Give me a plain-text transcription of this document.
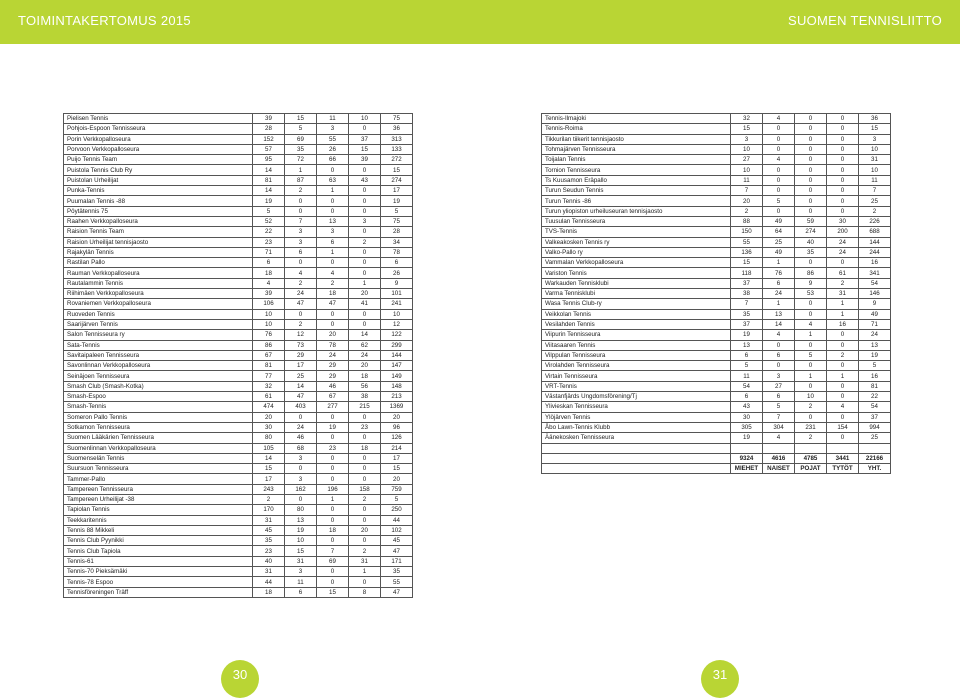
TOIMINTAKERTOMUS 2015	SUOMEN TENNISLIITTO
Pielisen Tennis	39	15	11	10	75
Pohjois-Espoon Tennisseura	28	5	3	0	36
Porin Verkkopalloseura	152	69	55	37	313
Porvoon Verkkopalloseura	57	35	26	15	133
Puijo Tennis Team	95	72	66	39	272
Puistola Tennis Club Ry	14	1	0	0	15
Puistolan Urheilijat	81	87	63	43	274
Punka-Tennis	14	2	1	0	17
Puumalan Tennis -88	19	0	0	0	19
Pöytätennis 75	5	0	0	0	5
Raahen Verkkopalloseura	52	7	13	3	75
Raision Tennis Team	22	3	3	0	28
Raision Urheilijat tennisjaosto	23	3	6	2	34
Rajakylän Tennis	71	6	1	0	78
Rastilan Pallo	6	0	0	0	6
Rauman Verkkopalloseura	18	4	4	0	26
Rautalammin Tennis	4	2	2	1	9
Riihimäen Verkkopalloseura	39	24	18	20	101
Rovaniemen Verkkopalloseura	106	47	47	41	241
Ruoveden Tennis	10	0	0	0	10
Saarijärven Tennis	10	2	0	0	12
Salon Tennisseura ry	76	12	20	14	122
Sata-Tennis	86	73	78	62	299
Savitaipaleen Tennisseura	67	29	24	24	144
Savonlinnan Verkkopalloseura	81	17	29	20	147
Seinäjoen Tennisseura	77	25	29	18	149
Smash Club (Smash-Kotka)	32	14	46	56	148
Smash-Espoo	61	47	67	38	213
Smash-Tennis	474	403	277	215	1369
Someron Pallo Tennis	20	0	0	0	20
Sotkamon Tennisseura	30	24	19	23	96
Suomen Lääkärien Tennisseura	80	46	0	0	126
Suomenlinnan Verkkopalloseura	105	68	23	18	214
Suomenselän Tennis	14	3	0	0	17
Suursuon Tennisseura	15	0	0	0	15
Tammer-Pallo	17	3	0	0	20
Tampereen Tennisseura	243	162	196	158	759
Tampereen Urheilijat -38	2	0	1	2	5
Tapiolan Tennis	170	80	0	0	250
Teekkaritennis	31	13	0	0	44
Tennis 88 Mikkeli	45	19	18	20	102
Tennis Club Pyynikki	35	10	0	0	45
Tennis Club Tapiola	23	15	7	2	47
Tennis-61	40	31	69	31	171
Tennis-70 Pieksämäki	31	3	0	1	35
Tennis-78 Espoo	44	11	0	0	55
Tennisföreningen Träff	18	6	15	8	47
Tennis-Ilmajoki	32	4	0	0	36
Tennis-Roima	15	0	0	0	15
Tikkurilan tiikerit tennisjaosto	3	0	0	0	3
Tohmajärven Tennisseura	10	0	0	0	10
Toijalan Tennis	27	4	0	0	31
Tornion Tennisseura	10	0	0	0	10
Ts Kuusamon Eräpallo	11	0	0	0	11
Turun Seudun Tennis	7	0	0	0	7
Turun Tennis -86	20	5	0	0	25
Turun yliopiston urheiluseuran tennisjaosto	2	0	0	0	2
Tuusulan Tennisseura	88	49	59	30	226
TVS-Tennis	150	64	274	200	688
Valkeakosken Tennis ry	55	25	40	24	144
Valko-Pallo ry	136	49	35	24	244
Vammalan Verkkopalloseura	15	1	0	0	16
Variston Tennis	118	76	86	61	341
Warkauden Tennisklubi	37	6	9	2	54
Varma Tennisklubi	38	24	53	31	146
Wasa Tennis Club-ry	7	1	0	1	9
Veikkolan Tennis	35	13	0	1	49
Vesilahden Tennis	37	14	4	16	71
Viipurin Tennisseura	19	4	1	0	24
Viitasaaren Tennis	13	0	0	0	13
Vilppulan Tennisseura	6	6	5	2	19
Virolahden Tennisseura	5	0	0	0	5
Virtain Tennisseura	11	3	1	1	16
VRT-Tennis	54	27	0	0	81
Västanfjärds Ungdomsförening/Tj	6	6	10	0	22
Ylivieskan Tennisseura	43	5	2	4	54
Ylöjärven Tennis	30	7	0	0	37
Åbo Lawn-Tennis Klubb	305	304	231	154	994
Äänekosken Tennisseura	19	4	2	0	25

	9324	4616	4785	3441	22166
	MIEHET	NAISET	POJAT	TYTÖT	YHT.
30	31
